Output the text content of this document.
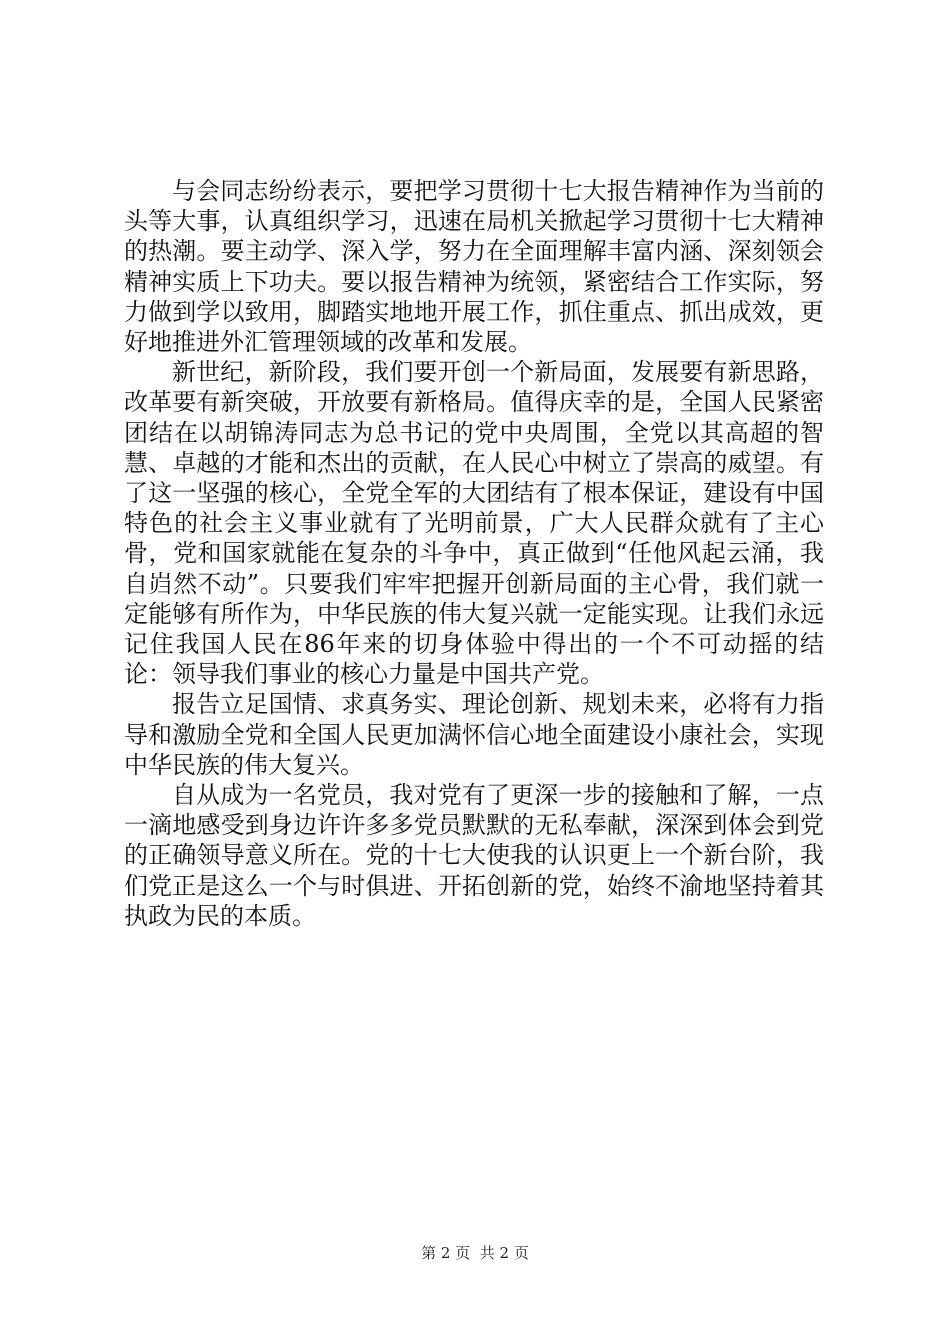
与会同志纷纷表示，要把学习贯彻十七大报告精神作为当前的头等大事，认真组织学习，迅速在局机关掀起学习贯彻十七大精神的热潮。要主动学、深入学，努力在全面理解丰富内涵、深刻领会精神实质上下功夫。要以报告精神为统领，紧密结合工作实际，努力做到学以致用，脚踏实地地开展工作，抓住重点、抓出成效，更好地推进外汇管理领域的改革和发展。

新世纪，新阶段，我们要开创一个新局面，发展要有新思路，改革要有新突破，开放要有新格局。值得庆幸的是，全国人民紧密团结在以胡锦涛同志为总书记的党中央周围，全党以其高超的智慧、卓越的才能和杰出的贡献，在人民心中树立了崇高的威望。有了这一坚强的核心，全党全军的大团结有了根本保证，建设有中国特色的社会主义事业就有了光明前景，广大人民群众就有了主心骨，党和国家就能在复杂的斗争中，真正做到“任他风起云涌，我自岿然不动”。只要我们牢牢把握开创新局面的主心骨，我们就一定能够有所作为，中华民族的伟大复兴就一定能实现。让我们永远记住我国人民在86年来的切身体验中得出的一个不可动摇的结论：领导我们事业的核心力量是中国共产党。

报告立足国情、求真务实、理论创新、规划未来，必将有力指导和激励全党和全国人民更加满怀信心地全面建设小康社会，实现中华民族的伟大复兴。

自从成为一名党员，我对党有了更深一步的接触和了解，一点一滴地感受到身边许许多多党员默默的无私奉献，深深到体会到党的正确领导意义所在。党的十七大使我的认识更上一个新台阶，我们党正是这么一个与时俱进、开拓创新的党，始终不渝地坚持着其执政为民的本质。

第 2 页  共 2 页
